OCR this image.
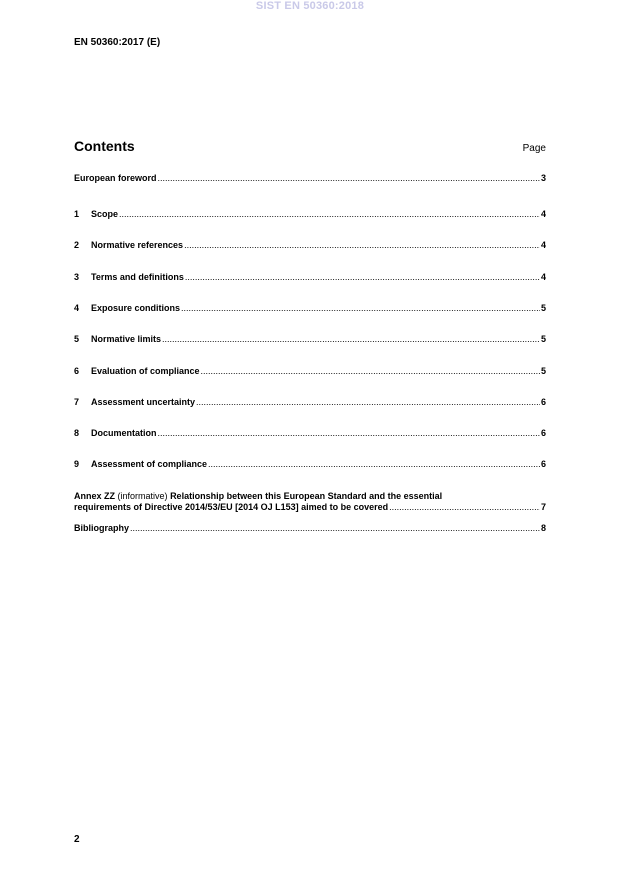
SIST EN 50360:2018
EN 50360:2017 (E)
Contents	Page
European foreword .....	3
1	Scope .....	4
2	Normative references .....	4
3	Terms and definitions .....	4
4	Exposure conditions .....	5
5	Normative limits .....	5
6	Evaluation of compliance .....	5
7	Assessment uncertainty .....	6
8	Documentation .....	6
9	Assessment of compliance .....	6
Annex ZZ (informative) Relationship between this European Standard and the essential
requirements of Directive 2014/53/EU [2014 OJ L153] aimed to be covered .....	7
Bibliography .....	8
2
